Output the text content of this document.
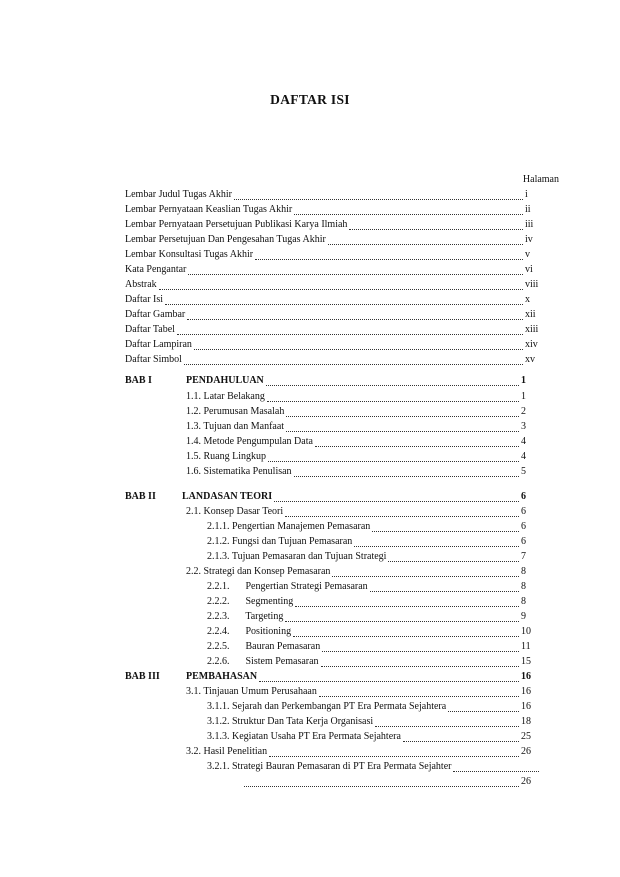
DAFTAR ISI
Halaman
Lembar Judul Tugas Akhir	i
Lembar Pernyataan Keaslian Tugas Akhir	ii
Lembar Pernyataan Persetujuan Publikasi Karya Ilmiah	iii
Lembar Persetujuan Dan Pengesahan Tugas Akhir	iv
Lembar Konsultasi Tugas Akhir	v
Kata Pengantar	vi
Abstrak	viii
Daftar Isi	x
Daftar Gambar	xii
Daftar Tabel	xiii
Daftar Lampiran	xiv
Daftar Simbol	xv
BAB I	PENDAHULUAN	1
1.1. Latar Belakang	1
1.2. Perumusan Masalah	2
1.3. Tujuan dan Manfaat	3
1.4. Metode Pengumpulan Data	4
1.5. Ruang Lingkup	4
1.6. Sistematika Penulisan	5
BAB II	LANDASAN TEORI	6
2.1. Konsep Dasar Teori	6
2.1.1. Pengertian Manajemen Pemasaran	6
2.1.2. Fungsi dan Tujuan Pemasaran	6
2.1.3. Tujuan Pemasaran dan Tujuan Strategi	7
2.2. Strategi dan Konsep Pemasaran	8
2.2.1. Pengertian Strategi Pemasaran	8
2.2.2. Segmenting	8
2.2.3. Targeting	9
2.2.4. Positioning	10
2.2.5. Bauran Pemasaran	11
2.2.6. Sistem Pemasaran	15
BAB III	PEMBAHASAN	16
3.1. Tinjauan Umum Perusahaan	16
3.1.1. Sejarah dan Perkembangan PT Era Permata Sejahtera	16
3.1.2. Struktur Dan Tata Kerja Organisasi	18
3.1.3. Kegiatan Usaha PT Era Permata Sejahtera	25
3.2. Hasil Penelitian	26
3.2.1. Strategi Bauran Pemasaran di PT Era Permata Sejahter
26
